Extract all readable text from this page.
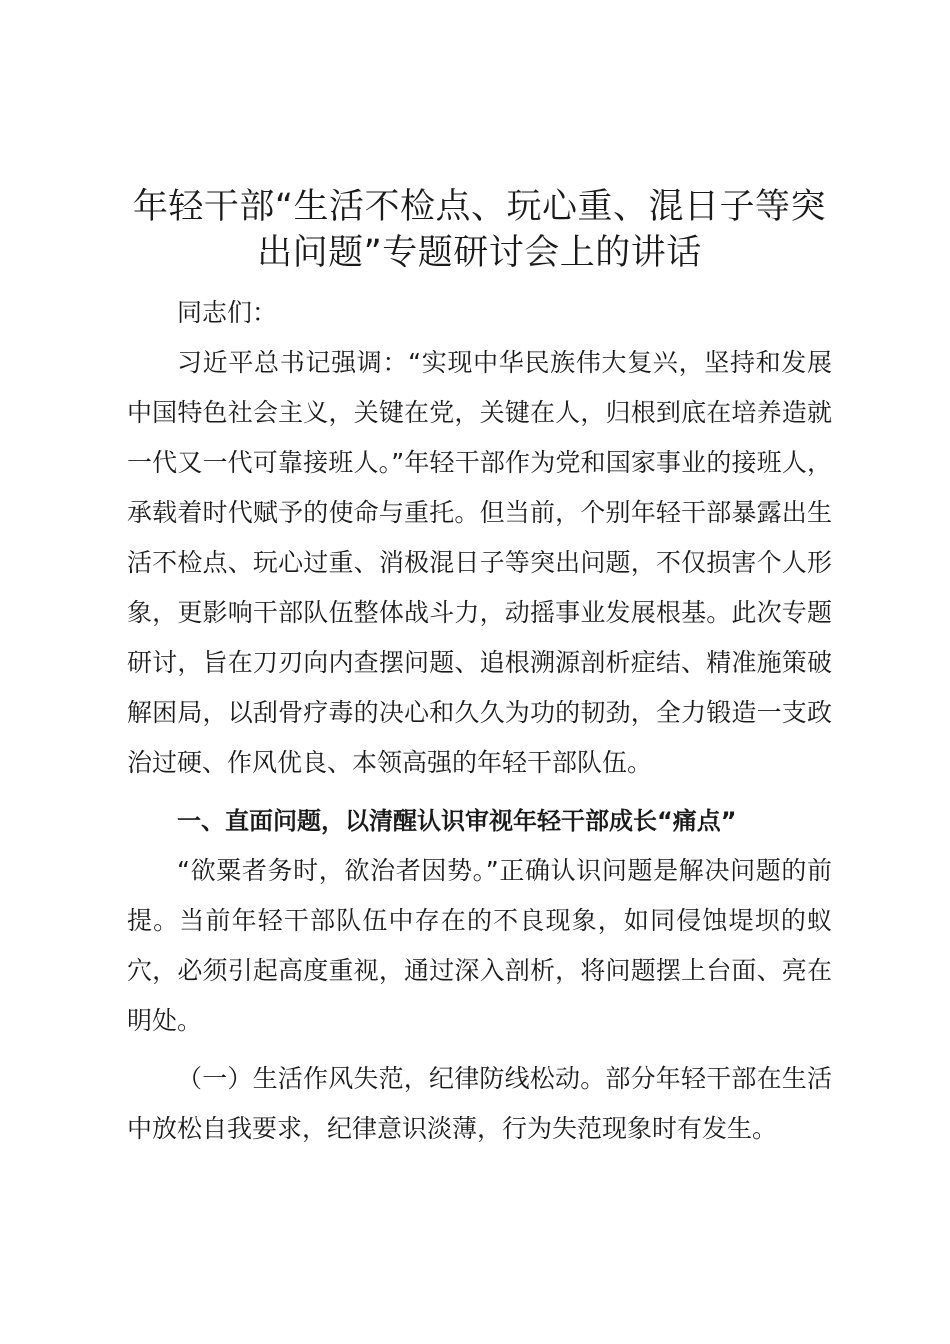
年轻干部“生活不检点、玩心重、混日子等突
出问题”专题研讨会上的讲话

同志们：

习近平总书记强调：“实现中华民族伟大复兴，坚持和发展中国特色社会主义，关键在党，关键在人，归根到底在培养造就一代又一代可靠接班人。”年轻干部作为党和国家事业的接班人，承载着时代赋予的使命与重托。但当前，个别年轻干部暴露出生活不检点、玩心过重、消极混日子等突出问题，不仅损害个人形象，更影响干部队伍整体战斗力，动摇事业发展根基。此次专题研讨，旨在刀刃向内查摆问题、追根溯源剖析症结、精准施策破解困局，以刮骨疗毒的决心和久久为功的韧劲，全力锻造一支政治过硬、作风优良、本领高强的年轻干部队伍。

一、直面问题，以清醒认识审视年轻干部成长“痛点”

“欲粟者务时，欲治者因势。”正确认识问题是解决问题的前提。当前年轻干部队伍中存在的不良现象，如同侵蚀堤坝的蚁穴，必须引起高度重视，通过深入剖析，将问题摆上台面、亮在明处。

（一）生活作风失范，纪律防线松动。部分年轻干部在生活中放松自我要求，纪律意识淡薄，行为失范现象时有发生。
